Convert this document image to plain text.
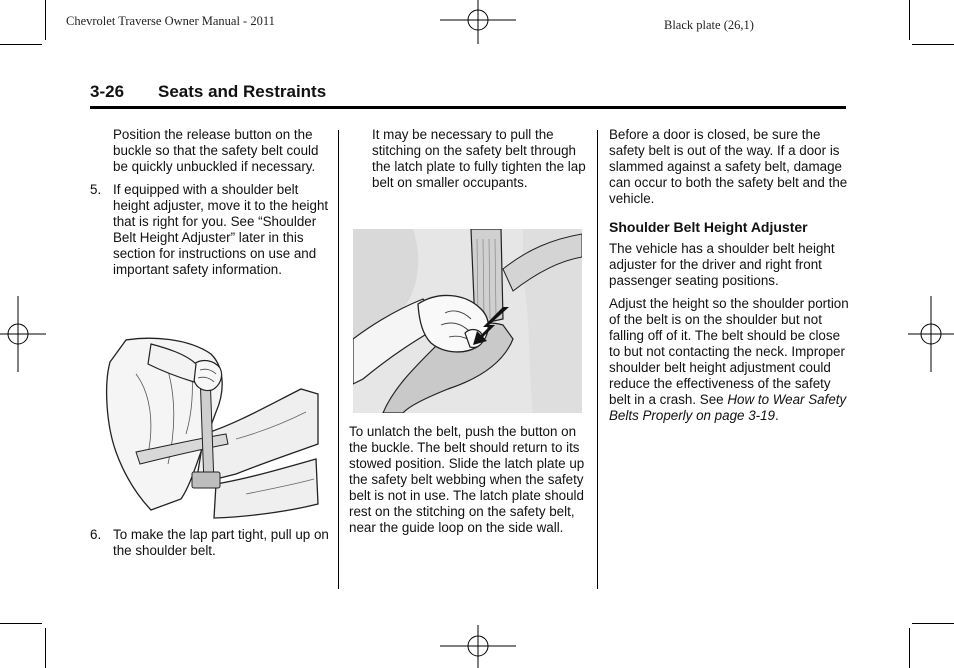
Chevrolet Traverse Owner Manual - 2011	Black plate (26,1)
3-26 Seats and Restraints

Position the release button on the buckle so that the safety belt could be quickly unbuckled if necessary.

5. If equipped with a shoulder belt height adjuster, move it to the height that is right for you. See “Shoulder Belt Height Adjuster” later in this section for instructions on use and important safety information.
6. To make the lap part tight, pull up on the shoulder belt.

It may be necessary to pull the stitching on the safety belt through the latch plate to fully tighten the lap belt on smaller occupants.

To unlatch the belt, push the button on the buckle. The belt should return to its stowed position. Slide the latch plate up the safety belt webbing when the safety belt is not in use. The latch plate should rest on the stitching on the safety belt, near the guide loop on the side wall.

Before a door is closed, be sure the safety belt is out of the way. If a door is slammed against a safety belt, damage can occur to both the safety belt and the vehicle.

Shoulder Belt Height Adjuster

The vehicle has a shoulder belt height adjuster for the driver and right front passenger seating positions.

Adjust the height so the shoulder portion of the belt is on the shoulder but not falling off of it. The belt should be close to but not contacting the neck. Improper shoulder belt height adjustment could reduce the effectiveness of the safety belt in a crash. See How to Wear Safety Belts Properly on page 3-19.
